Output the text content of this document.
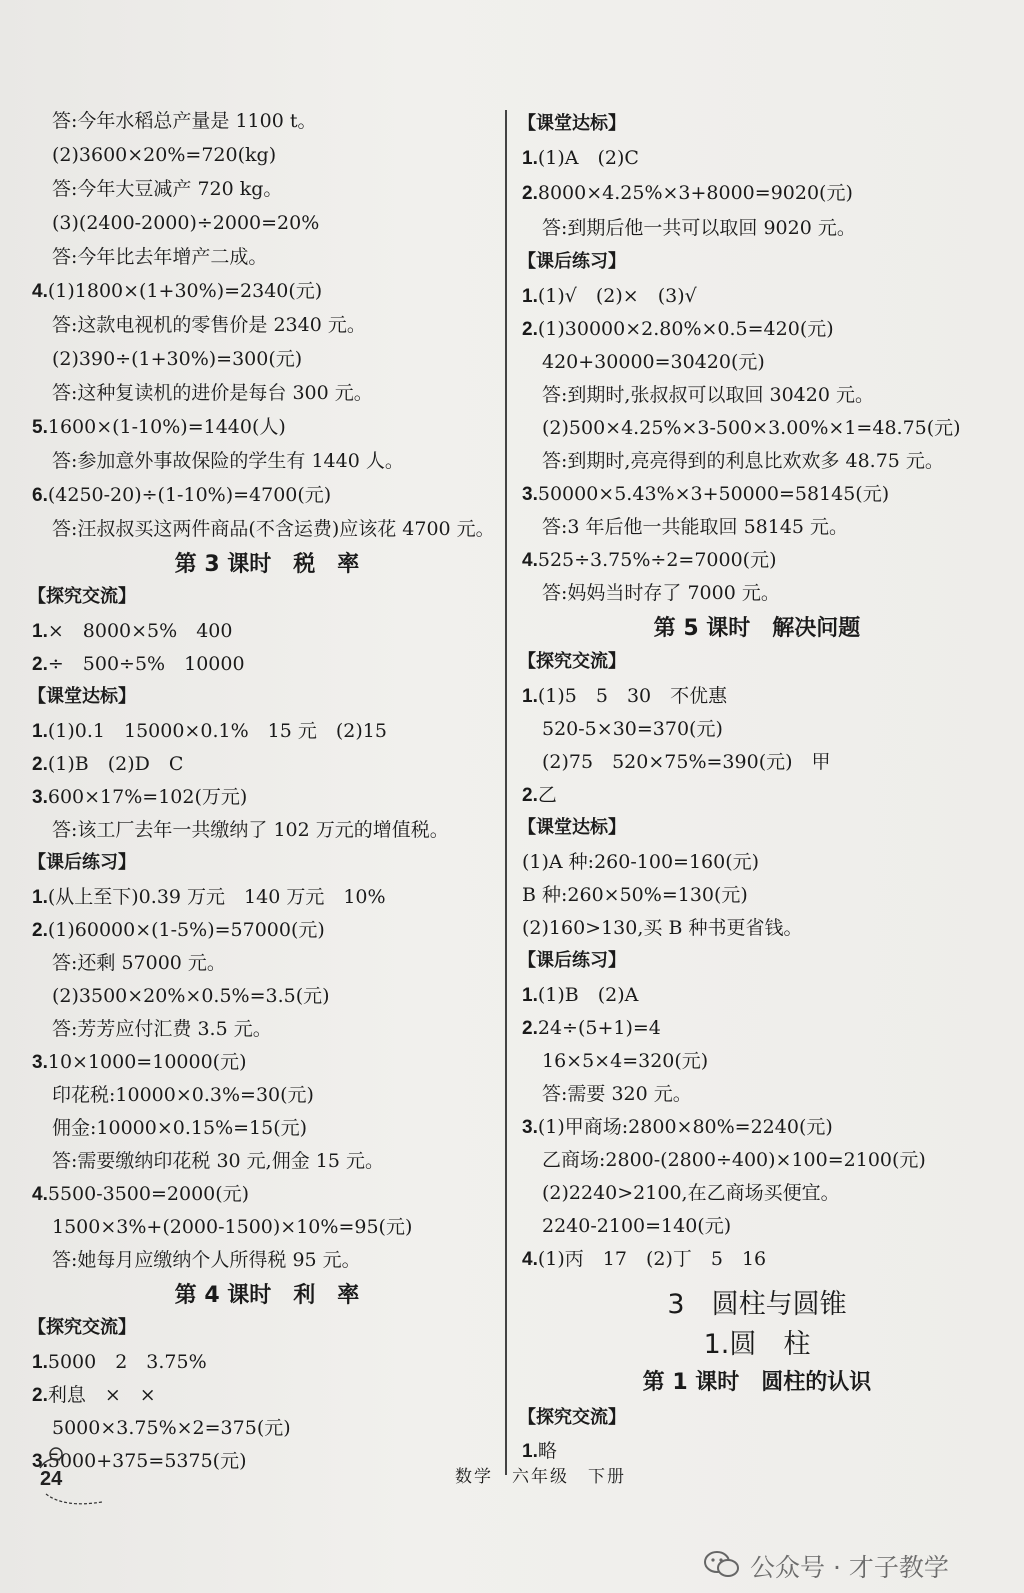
答:今年水稻总产量是 1100 t。
(2)3600×20%=720(kg)
答:今年大豆减产 720 kg。
(3)(2400-2000)÷2000=20%
答:今年比去年增产二成。
4.(1)1800×(1+30%)=2340(元)
答:这款电视机的零售价是 2340 元。
(2)390÷(1+30%)=300(元)
答:这种复读机的进价是每台 300 元。
5.1600×(1-10%)=1440(人)
答:参加意外事故保险的学生有 1440 人。
6.(4250-20)÷(1-10%)=4700(元)
答:汪叔叔买这两件商品(不含运费)应该花 4700 元。
第 3 课时　税　率
【探究交流】
1.×　8000×5%　400
2.÷　500÷5%　10000
【课堂达标】
1.(1)0.1　15000×0.1%　15 元　(2)15
2.(1)B　(2)D　C
3.600×17%=102(万元)
答:该工厂去年一共缴纳了 102 万元的增值税。
【课后练习】
1.(从上至下)0.39 万元　140 万元　10%
2.(1)60000×(1-5%)=57000(元)
答:还剩 57000 元。
(2)3500×20%×0.5%=3.5(元)
答:芳芳应付汇费 3.5 元。
3.10×1000=10000(元)
印花税:10000×0.3%=30(元)
佣金:10000×0.15%=15(元)
答:需要缴纳印花税 30 元,佣金 15 元。
4.5500-3500=2000(元)
1500×3%+(2000-1500)×10%=95(元)
答:她每月应缴纳个人所得税 95 元。
第 4 课时　利　率
【探究交流】
1.5000　2　3.75%
2.利息　×　×
5000×3.75%×2=375(元)
3.5000+375=5375(元)
【课堂达标】
1.(1)A　(2)C
2.8000×4.25%×3+8000=9020(元)
答:到期后他一共可以取回 9020 元。
【课后练习】
1.(1)√　(2)×　(3)√
2.(1)30000×2.80%×0.5=420(元)
420+30000=30420(元)
答:到期时,张叔叔可以取回 30420 元。
(2)500×4.25%×3-500×3.00%×1=48.75(元)
答:到期时,亮亮得到的利息比欢欢多 48.75 元。
3.50000×5.43%×3+50000=58145(元)
答:3 年后他一共能取回 58145 元。
4.525÷3.75%÷2=7000(元)
答:妈妈当时存了 7000 元。
第 5 课时　解决问题
【探究交流】
1.(1)5　5　30　不优惠
520-5×30=370(元)
(2)75　520×75%=390(元)　甲
2.乙
【课堂达标】
(1)A 种:260-100=160(元)
B 种:260×50%=130(元)
(2)160>130,买 B 种书更省钱。
【课后练习】
1.(1)B　(2)A
2.24÷(5+1)=4
16×5×4=320(元)
答:需要 320 元。
3.(1)甲商场:2800×80%=2240(元)
乙商场:2800-(2800÷400)×100=2100(元)
(2)2240>2100,在乙商场买便宜。
2240-2100=140(元)
4.(1)丙　17　(2)丁　5　16
3　圆柱与圆锥
1.圆　柱
第 1 课时　圆柱的认识
【探究交流】
1.略
24	数学　六年级　下册
公众号 · 才子教学
